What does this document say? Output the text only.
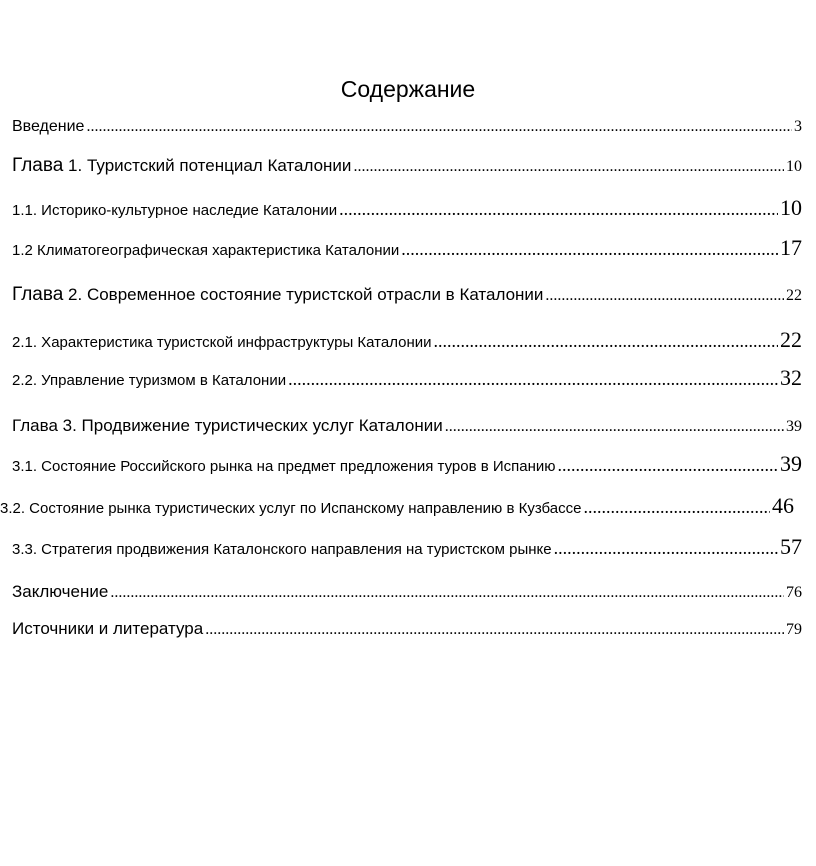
Содержание
Введение .....	3
Глава 1. Туристский потенциал Каталонии .....	10
1.1. Историко-культурное наследие Каталонии .....	10
1.2 Климатогеографическая характеристика Каталонии .....	17
Глава 2. Современное состояние туристской отрасли в Каталонии .....	22
2.1. Характеристика туристской инфраструктуры Каталонии .....	22
2.2. Управление туризмом в Каталонии .....	32
Глава 3. Продвижение туристических услуг Каталонии .....	39
3.1. Состояние Российского рынка на предмет предложения туров в Испанию .....	39
3.2. Состояние рынка туристических услуг по Испанскому направлению в Кузбассе .....	46
3.3. Стратегия продвижения Каталонского направления на туристском рынке .....	57
Заключение .....	76
Источники и литература .....	79
